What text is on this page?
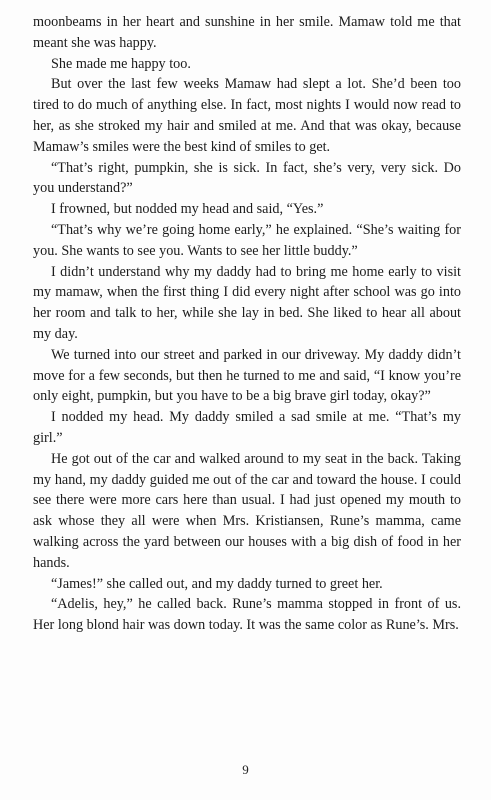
moonbeams in her heart and sunshine in her smile. Mamaw told me that meant she was happy.

She made me happy too.

But over the last few weeks Mamaw had slept a lot. She’d been too tired to do much of anything else. In fact, most nights I would now read to her, as she stroked my hair and smiled at me. And that was okay, because Mamaw’s smiles were the best kind of smiles to get.

“That’s right, pumpkin, she is sick. In fact, she’s very, very sick. Do you understand?”

I frowned, but nodded my head and said, “Yes.”

“That’s why we’re going home early,” he explained. “She’s waiting for you. She wants to see you. Wants to see her little buddy.”

I didn’t understand why my daddy had to bring me home early to visit my mamaw, when the first thing I did every night after school was go into her room and talk to her, while she lay in bed. She liked to hear all about my day.

We turned into our street and parked in our driveway. My daddy didn’t move for a few seconds, but then he turned to me and said, “I know you’re only eight, pumpkin, but you have to be a big brave girl today, okay?”

I nodded my head. My daddy smiled a sad smile at me. “That’s my girl.”

He got out of the car and walked around to my seat in the back. Taking my hand, my daddy guided me out of the car and toward the house. I could see there were more cars here than usual. I had just opened my mouth to ask whose they all were when Mrs. Kristiansen, Rune’s mamma, came walking across the yard between our houses with a big dish of food in her hands.

“James!” she called out, and my daddy turned to greet her.

“Adelis, hey,” he called back. Rune’s mamma stopped in front of us. Her long blond hair was down today. It was the same color as Rune’s. Mrs.

9
